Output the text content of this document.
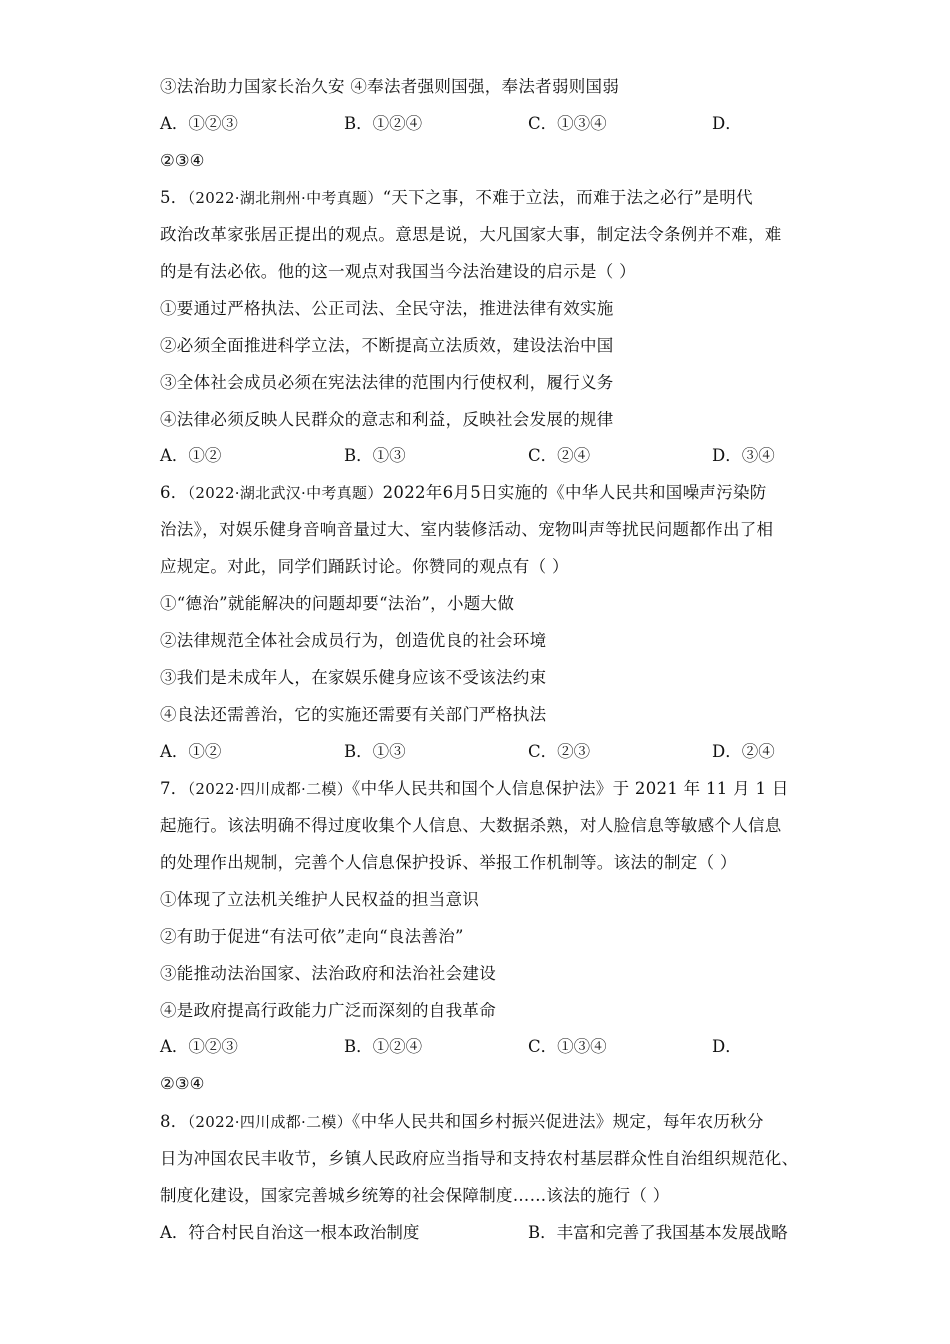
③法治助力国家长治久安 ④奉法者强则国强，奉法者弱则国弱
A．①②③	B．①②④	C．①③④	D．
②③④
5．（2022·湖北荆州·中考真题）“天下之事，不难于立法，而难于法之必行”是明代
政治改革家张居正提出的观点。意思是说，大凡国家大事，制定法令条例并不难，难
的是有法必依。他的这一观点对我国当今法治建设的启示是（ ）
①要通过严格执法、公正司法、全民守法，推进法律有效实施
②必须全面推进科学立法，不断提高立法质效，建设法治中国
③全体社会成员必须在宪法法律的范围内行使权利，履行义务
④法律必须反映人民群众的意志和利益，反映社会发展的规律
A．①②	B．①③	C．②④	D．③④
6．（2022·湖北武汉·中考真题）2022年6月5日实施的《中华人民共和国噪声污染防
治法》，对娱乐健身音响音量过大、室内装修活动、宠物叫声等扰民问题都作出了相
应规定。对此，同学们踊跃讨论。你赞同的观点有（ ）
①“德治”就能解决的问题却要“法治”，小题大做
②法律规范全体社会成员行为，创造优良的社会环境
③我们是未成年人，在家娱乐健身应该不受该法约束
④良法还需善治，它的实施还需要有关部门严格执法
A．①②	B．①③	C．②③	D．②④
7．（2022·四川成都·二模）《中华人民共和国个人信息保护法》于 2021 年 11 月 1 日
起施行。该法明确不得过度收集个人信息、大数据杀熟，对人脸信息等敏感个人信息
的处理作出规制，完善个人信息保护投诉、举报工作机制等。该法的制定（ ）
①体现了立法机关维护人民权益的担当意识
②有助于促进“有法可依”走向“良法善治”
③能推动法治国家、法治政府和法治社会建设
④是政府提高行政能力广泛而深刻的自我革命
A．①②③	B．①②④	C．①③④	D．
②③④
8．（2022·四川成都·二模）《中华人民共和国乡村振兴促进法》规定，每年农历秋分
日为冲国农民丰收节，乡镇人民政府应当指导和支持农村基层群众性自治组织规范化、
制度化建设，国家完善城乡统筹的社会保障制度……该法的施行（ ）
A．符合村民自治这一根本政治制度	B．丰富和完善了我国基本发展战略
